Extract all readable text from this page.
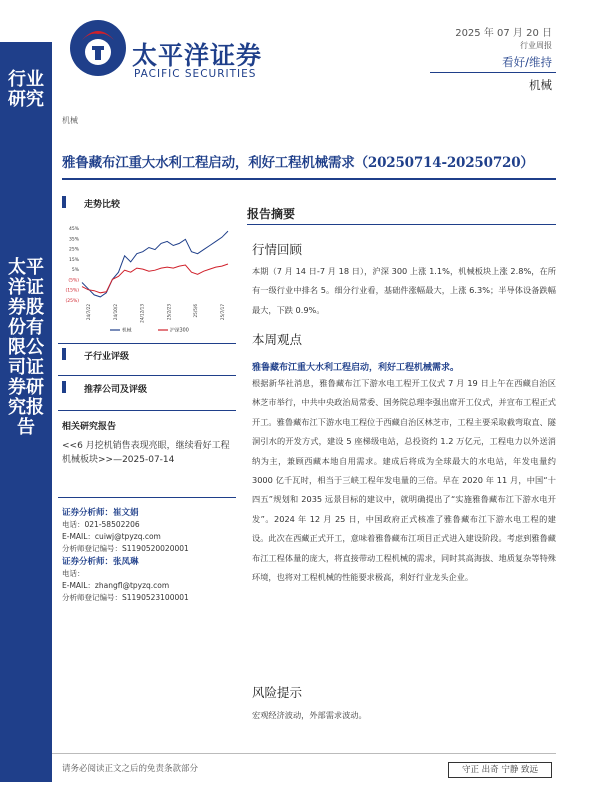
行业研究
太平洋证券股份有限公司证券研究报告
太平洋证券
PACIFIC SECURITIES
2025 年 07 月 20 日
行业周报
看好/维持
机械
机械
雅鲁藏布江重大水利工程启动，利好工程机械需求（20250714-20250720）
走势比较
45%
35%
25%
15%
5%
(5%)
(15%)
(25%)
24/7/22	24/10/2	24/12/13	25/2/23	25/5/6	25/7/17
机械	沪深300
子行业评级
推荐公司及评级
相关研究报告
<<6 月挖机销售表现亮眼，继续看好工程机械板块>>—2025-07-14
证券分析师：崔文娟
电话：021-58502206
E-MAIL：cuiwj@tpyzq.com
分析师登记编号：S1190520020001
证券分析师：张凤琳
电话：
E-MAIL：zhangfl@tpyzq.com
分析师登记编号：S1190523100001
报告摘要
行情回顾
本期（7 月 14 日-7 月 18 日），沪深 300 上涨 1.1%，机械板块上涨 2.8%，在所有一级行业中排名 5。细分行业看，基础件涨幅最大，上涨 6.3%；半导体设备跌幅最大，下跌 0.9%。
本周观点
雅鲁藏布江重大水利工程启动，利好工程机械需求。
根据新华社消息，雅鲁藏布江下游水电工程开工仪式 7 月 19 日上午在西藏自治区林芝市举行，中共中央政治局常委、国务院总理李强出席开工仪式，并宣布工程正式开工。雅鲁藏布江下游水电工程位于西藏自治区林芝市，工程主要采取截弯取直、隧洞引水的开发方式，建设 5 座梯级电站，总投资约 1.2 万亿元，工程电力以外送消纳为主，兼顾西藏本地自用需求。建成后将成为全球最大的水电站，年发电量约 3000 亿千瓦时，相当于三峡工程年发电量的三倍。早在 2020 年 11 月，中国“十四五”规划和 2035 远景目标的建议中，就明确提出了“实施雅鲁藏布江下游水电开发”。2024 年 12 月 25 日，中国政府正式核准了雅鲁藏布江下游水电工程的建设。此次在西藏正式开工，意味着雅鲁藏布江项目正式进入建设阶段。考虑到雅鲁藏布江工程体量的庞大，将直接带动工程机械的需求，同时其高海拔、地质复杂等特殊环境，也将对工程机械的性能要求极高，利好行业龙头企业。
风险提示
宏观经济波动，外部需求波动。
请务必阅读正文之后的免责条款部分	守正 出奇 宁静 致远
